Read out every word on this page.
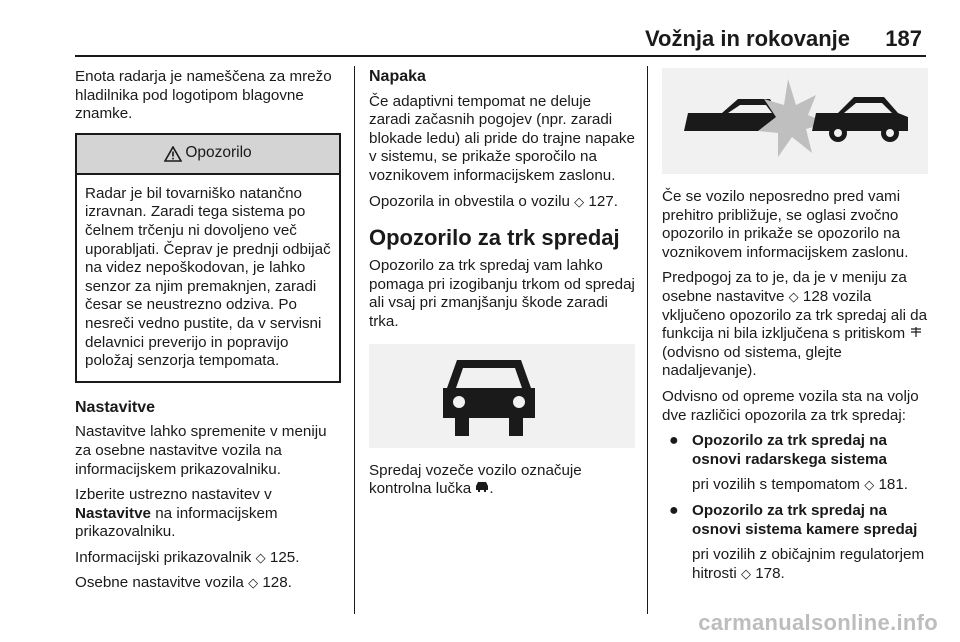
Vožnja in rokovanje 187

Enota radarja je nameščena za mrežo hladilnika pod logotipom blagovne znamke.

Opozorilo
Radar je bil tovarniško natančno izravnan. Zaradi tega sistema po čelnem trčenju ni dovoljeno več uporabljati. Čeprav je prednji odbijač na videz nepoškodovan, je lahko senzor za njim premaknjen, zaradi česar se neustrezno odziva. Po nesreči vedno pustite, da v servisni delavnici preverijo in popravijo položaj senzorja tempomata.
Nastavitve

Nastavitve lahko spremenite v meniju za osebne nastavitve vozila na informacijskem prikazovalniku.

Izberite ustrezno nastavitev v Nastavitve na informacijskem prikazovalniku.

Informacijski prikazovalnik ◇ 125.

Osebne nastavitve vozila ◇ 128.

Napaka

Če adaptivni tempomat ne deluje zaradi začasnih pogojev (npr. zaradi blokade ledu) ali pride do trajne napake v sistemu, se prikaže sporočilo na voznikovem informacijskem zaslonu.

Opozorila in obvestila o vozilu ◇ 127.

Opozorilo za trk spredaj

Opozorilo za trk spredaj vam lahko pomaga pri izogibanju trkom od spredaj ali vsaj pri zmanjšanju škode zaradi trka.

Spredaj vozeče vozilo označuje kontrolna lučka .

Če se vozilo neposredno pred vami prehitro približuje, se oglasi zvočno opozorilo in prikaže se opozorilo na voznikovem informacijskem zaslonu.

Predpogoj za to je, da je v meniju za osebne nastavitve ◇ 128 vozila vključeno opozorilo za trk spredaj ali da funkcija ni bila izključena s pritiskom  (odvisno od sistema, glejte nadaljevanje).

Odvisno od opreme vozila sta na voljo dve različici opozorila za trk spredaj:

● Opozorilo za trk spredaj na osnovi radarskega sistema
pri vozilih s tempomatom ◇ 181.
● Opozorilo za trk spredaj na osnovi sistema kamere spredaj
pri vozilih z običajnim regulatorjem hitrosti ◇ 178.
carmanualsonline.info
